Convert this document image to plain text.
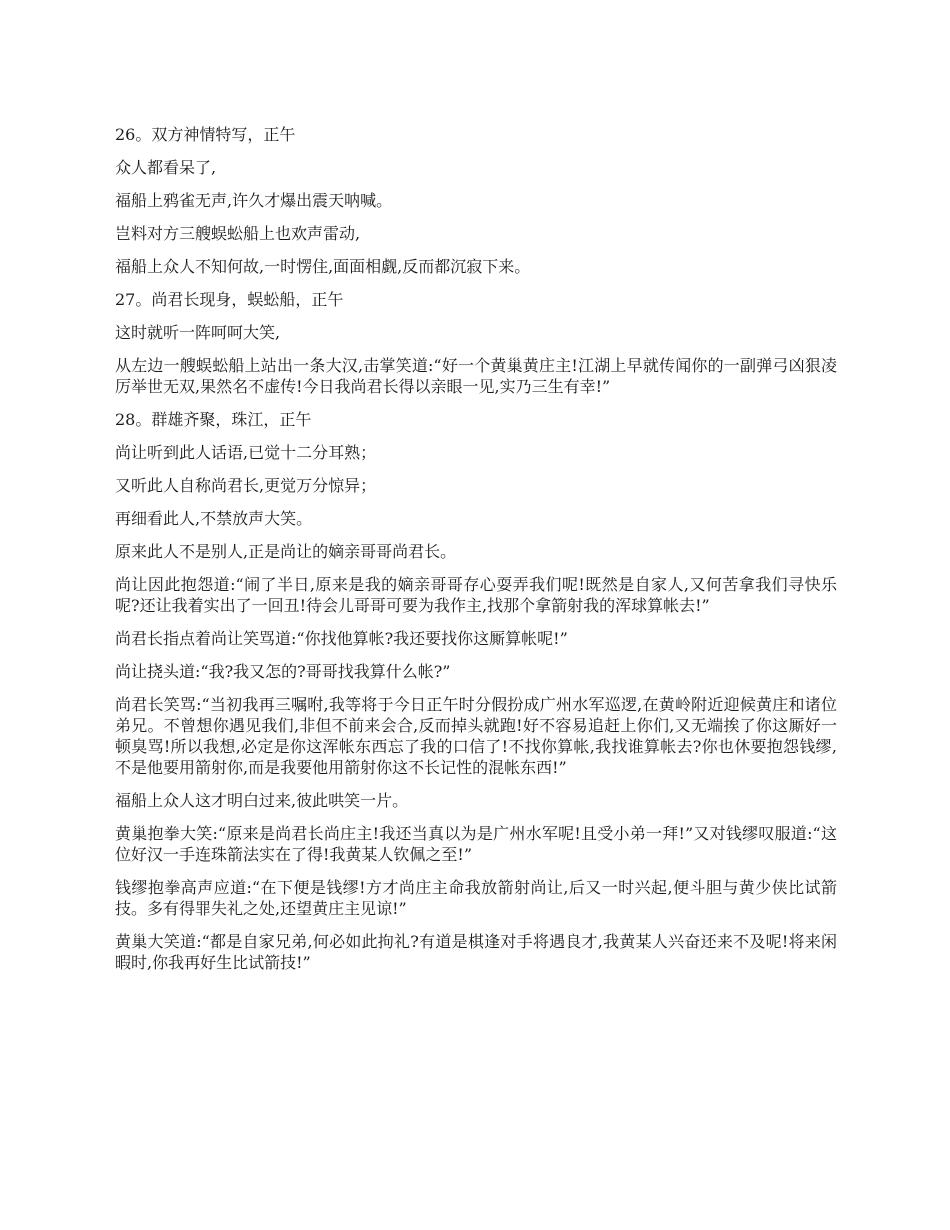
26。双方神情特写，正午

众人都看呆了,

福船上鸦雀无声,许久才爆出震天呐喊。

岂料对方三艘蜈蚣船上也欢声雷动,

福船上众人不知何故,一时愣住,面面相觑,反而都沉寂下来。

27。尚君长现身，蜈蚣船，正午

这时就听一阵呵呵大笑,

从左边一艘蜈蚣船上站出一条大汉,击掌笑道:“好一个黄巢黄庄主!江湖上早就传闻你的一副弹弓凶狠凌厉举世无双,果然名不虚传!今日我尚君长得以亲眼一见,实乃三生有幸!”

28。群雄齐聚，珠江，正午

尚让听到此人话语,已觉十二分耳熟；

又听此人自称尚君长,更觉万分惊异；

再细看此人,不禁放声大笑。

原来此人不是别人,正是尚让的嫡亲哥哥尚君长。

尚让因此抱怨道:“闹了半日,原来是我的嫡亲哥哥存心耍弄我们呢!既然是自家人,又何苦拿我们寻快乐呢?还让我着实出了一回丑!待会儿哥哥可要为我作主,找那个拿箭射我的浑球算帐去!”

尚君长指点着尚让笑骂道:“你找他算帐?我还要找你这厮算帐呢!”

尚让挠头道:“我?我又怎的?哥哥找我算什么帐?”

尚君长笑骂:“当初我再三嘱咐,我等将于今日正午时分假扮成广州水军巡逻,在黄岭附近迎候黄庄和诸位弟兄。不曾想你遇见我们,非但不前来会合,反而掉头就跑!好不容易追赶上你们,又无端挨了你这厮好一顿臭骂!所以我想,必定是你这浑帐东西忘了我的口信了!不找你算帐,我找谁算帐去?你也休要抱怨钱缪,不是他要用箭射你,而是我要他用箭射你这不长记性的混帐东西!”

福船上众人这才明白过来,彼此哄笑一片。

黄巢抱拳大笑:“原来是尚君长尚庄主!我还当真以为是广州水军呢!且受小弟一拜!”又对钱缪叹服道:“这位好汉一手连珠箭法实在了得!我黄某人钦佩之至!”

钱缪抱拳高声应道:“在下便是钱缪!方才尚庄主命我放箭射尚让,后又一时兴起,便斗胆与黄少侠比试箭技。多有得罪失礼之处,还望黄庄主见谅!”

黄巢大笑道:“都是自家兄弟,何必如此拘礼?有道是棋逢对手将遇良才,我黄某人兴奋还来不及呢!将来闲暇时,你我再好生比试箭技!”
